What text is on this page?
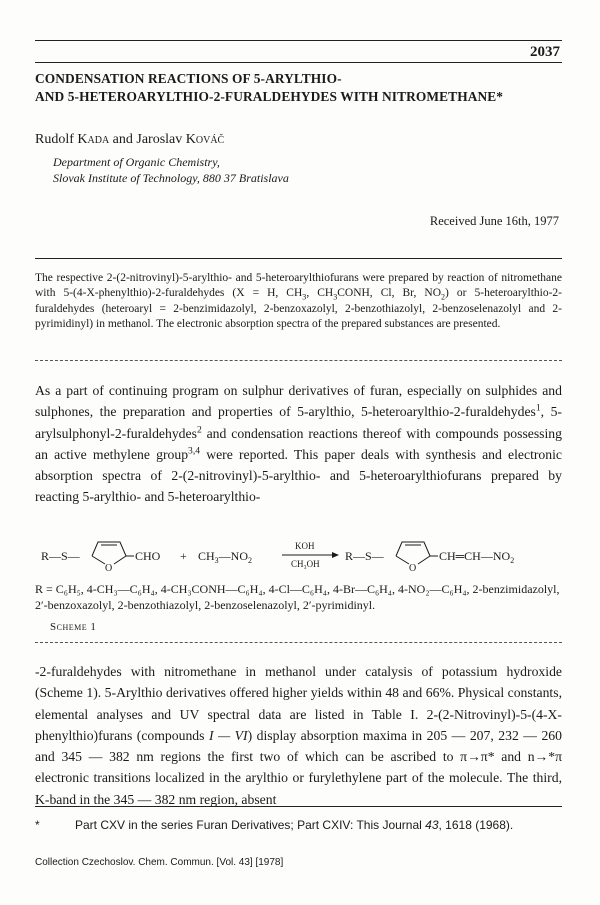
2037
CONDENSATION REACTIONS OF 5-ARYLTHIO-
AND 5-HETEROARYLTHIO-2-FURALDEHYDES WITH NITROMETHANE*
Rudolf Kada and Jaroslav Kováč
Department of Organic Chemistry,
Slovak Institute of Technology, 880 37 Bratislava
Received June 16th, 1977
The respective 2-(2-nitrovinyl)-5-arylthio- and 5-heteroarylthiofurans were prepared by reaction of nitromethane with 5-(4-X-phenylthio)-2-furaldehydes (X = H, $CH_3$, $CH_3CONH$, Cl, Br, $NO_2$) or 5-heteroarylthio-2-furaldehydes (heteroaryl = 2-benzimidazolyl, 2-benzoxazolyl, 2-benzothiazolyl, 2-benzoselenazolyl and 2-pyrimidinyl) in methanol. The electronic absorption spectra of the prepared substances are presented.
As a part of continuing program on sulphur derivatives of furan, especially on sulphides and sulphones, the preparation and properties of 5-arylthio, 5-heteroarylthio-2-furaldehydes$^1$, 5-arylsulphonyl-2-furaldehydes$^2$ and condensation reactions thereof with compounds possessing an active methylene group$^{3,4}$ were reported. This paper deals with synthesis and electronic absorption spectra of 2-(2-nitrovinyl)-5-arylthio- and 5-heteroarylthiofurans prepared by reacting 5-arylthio- and 5-heteroarylthio-
R—S—
O
CHO + $CH_3—NO_2$
KOH
CH₃OH
R—S—
O
$CH═CH—NO_2$
R = C₆H₅, 4-CH₃—C₆H₄, 4-CH₃CONH—C₆H₄, 4-Cl—C₆H₄, 4-Br—C₆H₄, 4-NO₂—C₆H₄, 2-benzimidazolyl, 2′-benzoxazolyl, 2-benzothiazolyl, 2-benzoselenazolyl, 2′-pyrimidinyl.
Scheme 1
-2-furaldehydes with nitromethane in methanol under catalysis of potassium hydroxide (Scheme 1). 5-Arylthio derivatives offered higher yields within 48 and 66%. Physical constants, elemental analyses and UV spectral data are listed in Table I. 2-(2-Nitrovinyl)-5-(4-X-phenylthio)furans (compounds I — VI) display absorption maxima in 205 — 207, 232 — 260 and 345 — 382 nm regions the first two of which can be ascribed to π→π* and n→*π electronic transitions localized in the arylthio or furylethylene part of the molecule. The third, K-band in the 345 — 382 nm region, absent
*	Part CXV in the series Furan Derivatives; Part CXIV: This Journal 43, 1618 (1968).
Collection Czechoslov. Chem. Commun. [Vol. 43] [1978]
